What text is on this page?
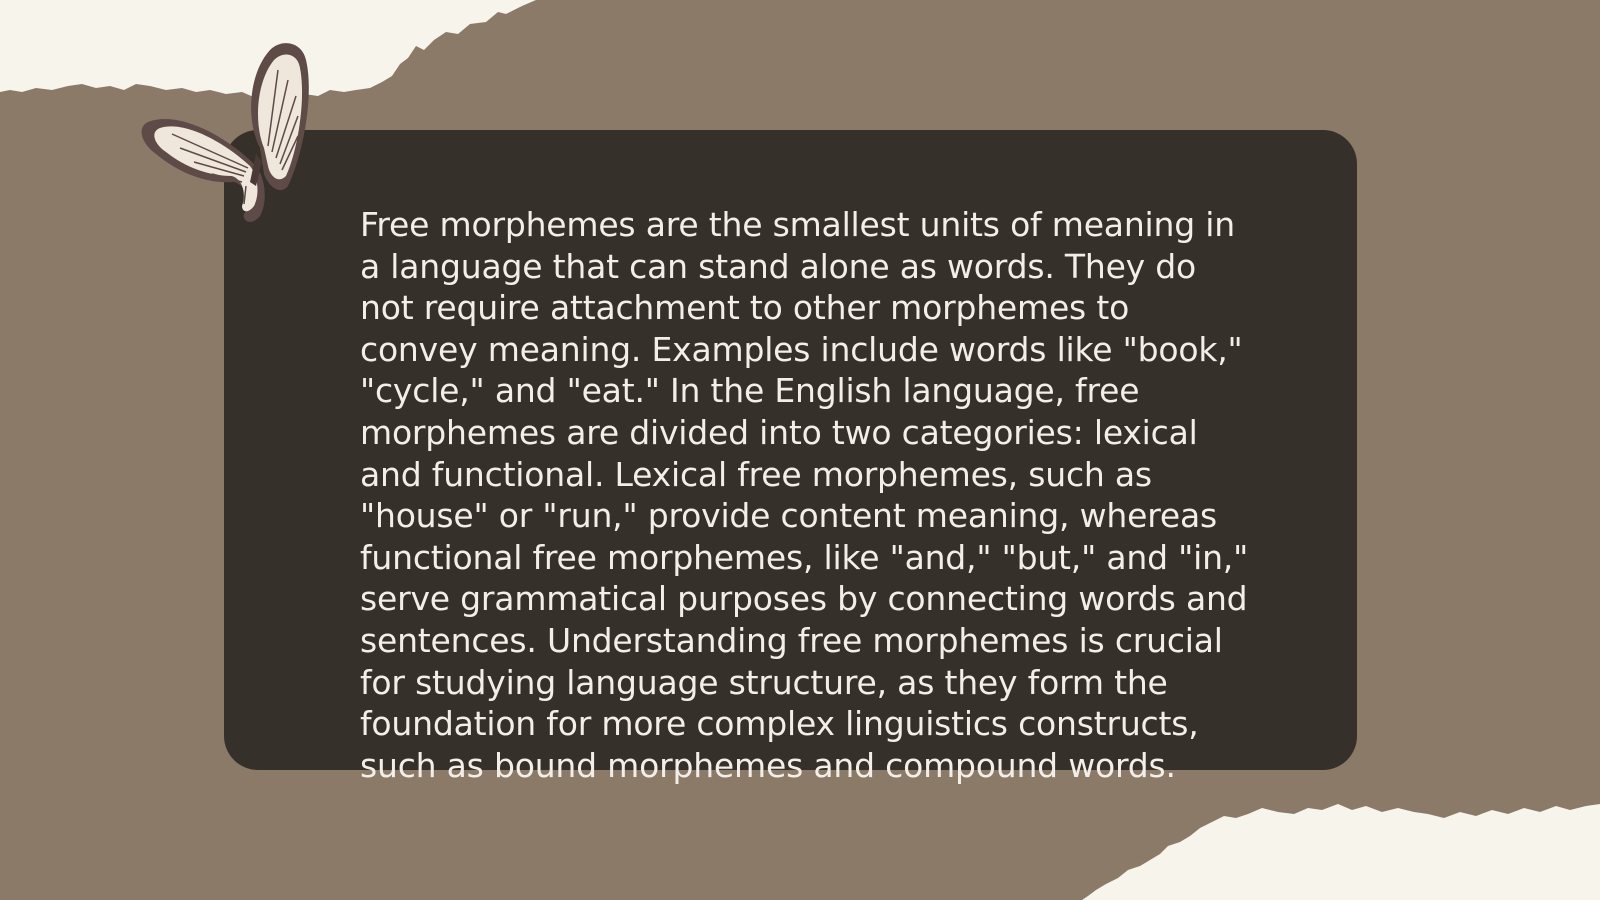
Free morphemes are the smallest units of meaning in
a language that can stand alone as words. They do
not require attachment to other morphemes to
convey meaning. Examples include words like "book,"
"cycle," and "eat." In the English language, free
morphemes are divided into two categories: lexical
and functional. Lexical free morphemes, such as
"house" or "run," provide content meaning, whereas
functional free morphemes, like "and," "but," and "in,"
serve grammatical purposes by connecting words and
sentences. Understanding free morphemes is crucial
for studying language structure, as they form the
foundation for more complex linguistics constructs,
such as bound morphemes and compound words.
